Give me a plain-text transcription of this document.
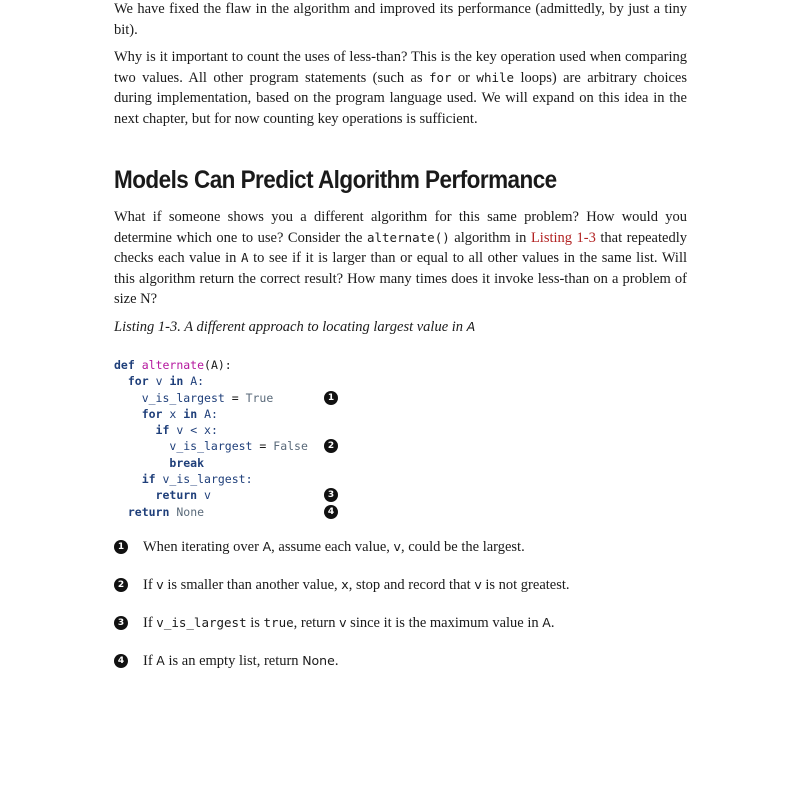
We have fixed the flaw in the algorithm and improved its performance (admittedly, by just a tiny bit).

Why is it important to count the uses of less-than? This is the key operation used when comparing two values. All other program statements (such as for or while loops) are arbitrary choices during implementation, based on the program language used. We will expand on this idea in the next chapter, but for now counting key operations is sufficient.

Models Can Predict Algorithm Performance

What if someone shows you a different algorithm for this same problem? How would you determine which one to use? Consider the alternate() algorithm in Listing 1-3 that repeatedly checks each value in A to see if it is larger than or equal to all other values in the same list. Will this algorithm return the correct result? How many times does it invoke less-than on a problem of size N?

Listing 1-3. A different approach to locating largest value in A

def alternate(A):
for v in A:
v_is_largest = True	1
for x in A:
if v < x:
v_is_largest = False	2
break
if v_is_largest:
return v	3
return None	4
1 When iterating over A, assume each value, v, could be the largest.
2 If v is smaller than another value, x, stop and record that v is not greatest.
3 If v_is_largest is true, return v since it is the maximum value in A.
4 If A is an empty list, return None.
